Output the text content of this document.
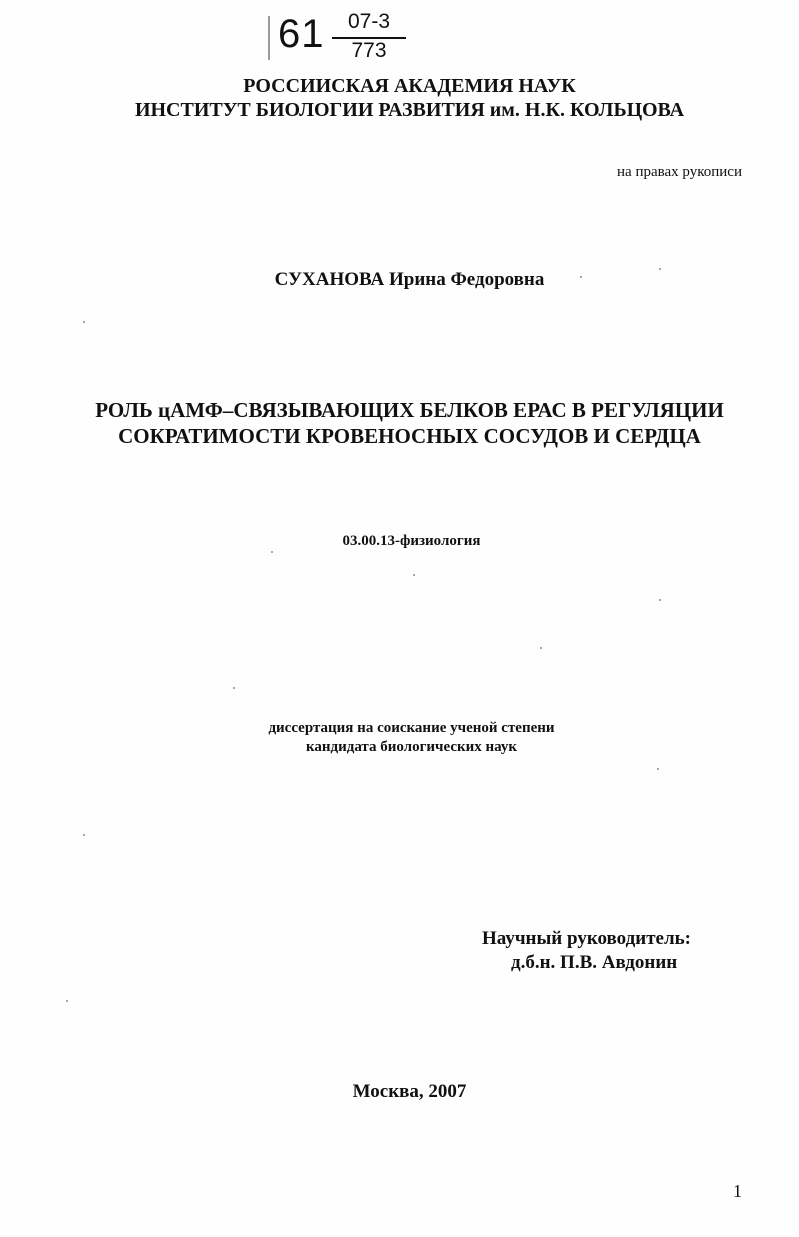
61	07-3
773
РОССИИСКАЯ АКАДЕМИЯ НАУК
ИНСТИТУТ БИОЛОГИИ РАЗВИТИЯ им. Н.К. КОЛЬЦОВА
на правах рукописи
СУХАНОВА Ирина Федоровна
РОЛЬ цАМФ–СВЯЗЫВАЮЩИХ БЕЛКОВ ЕРАС В РЕГУЛЯЦИИ
СОКРАТИМОСТИ КРОВЕНОСНЫХ СОСУДОВ И СЕРДЦА
03.00.13-физиология
диссертация на соискание ученой степени
кандидата биологических наук
Научный руководитель:
д.б.н. П.В. Авдонин
Москва, 2007
1
